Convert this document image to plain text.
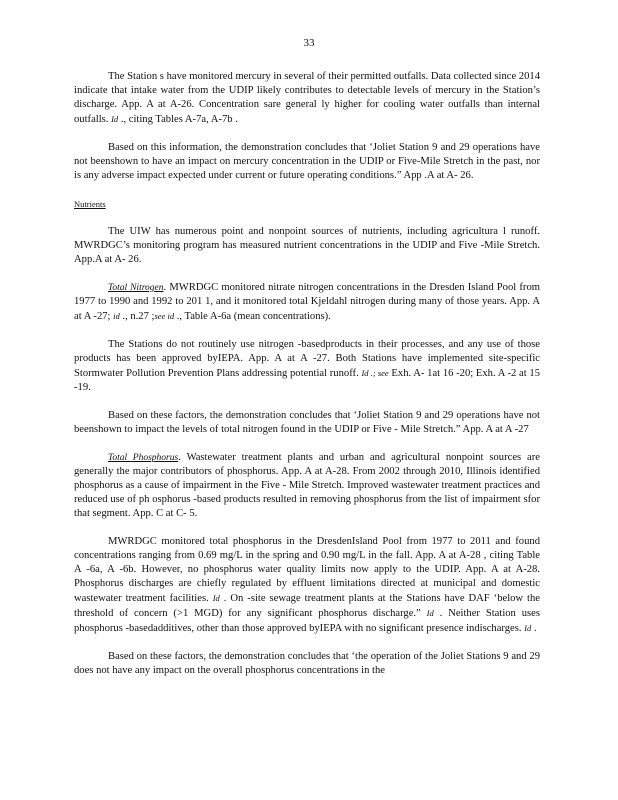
33

The Station s have monitored mercury in several of their permitted outfalls. Data collected since 2014 indicate that intake water from the UDIP likely contributes to detectable levels of mercury in the Station’s discharge. App. A at A-26. Concentration sare general ly higher for cooling water outfalls than internal outfalls. Id ., citing Tables A-7a, A-7b .

Based on this information, the demonstration concludes that ‘Joliet Station 9 and 29 operations have not beenshown to have an impact on mercury concentration in the UDIP or Five-Mile Stretch in the past, nor is any adverse impact expected under current or future operating conditions.” App .A at A- 26.

Nutrients

The UIW has numerous point and nonpoint sources of nutrients, including agricultura l runoff. MWRDGC’s monitoring program has measured nutrient concentrations in the UDIP and Five -Mile Stretch. App.A at A- 26.

Total Nitrogen. MWRDGC monitored nitrate nitrogen concentrations in the Dresden Island Pool from 1977 to 1990 and 1992 to 201 1, and it monitored total Kjeldahl nitrogen during many of those years. App. A at A -27; id ., n.27 ;see id ., Table A-6a (mean concentrations).

The Stations do not routinely use nitrogen -basedproducts in their processes, and any use of those products has been approved byIEPA. App. A at A -27. Both Stations have implemented site-specific Stormwater Pollution Prevention Plans addressing potential runoff. Id .; see Exh. A- 1at 16 -20; Exh. A -2 at 15 -19.

Based on these factors, the demonstration concludes that ‘Joliet Station 9 and 29 operations have not beenshown to impact the levels of total nitrogen found in the UDIP or Five - Mile Stretch.” App. A at A -27

Total Phosphorus. Wastewater treatment plants and urban and agricultural nonpoint sources are generally the major contributors of phosphorus. App. A at A-28. From 2002 through 2010, Illinois identified phosphorus as a cause of impairment in the Five - Mile Stretch. Improved wastewater treatment practices and reduced use of ph osphorus -based products resulted in removing phosphorus from the list of impairment sfor that segment. App. C at C- 5.

MWRDGC monitored total phosphorus in the DresdenIsland Pool from 1977 to 2011 and found concentrations ranging from 0.69 mg/L in the spring and 0.90 mg/L in the fall. App. A at A-28 , citing Table A -6a, A -6b. However, no phosphorus water quality limits now apply to the UDIP. App. A at A-28. Phosphorus discharges are chiefly regulated by effluent limitations directed at municipal and domestic wastewater treatment facilities. Id . On -site sewage treatment plants at the Stations have DAF ‘below the threshold of concern (>1 MGD) for any significant phosphorus discharge.” Id . Neither Station uses phosphorus -basedadditives, other than those approved byIEPA with no significant presence indischarges. Id .

Based on these factors, the demonstration concludes that ‘the operation of the Joliet Stations 9 and 29 does not have any impact on the overall phosphorus concentrations in the
